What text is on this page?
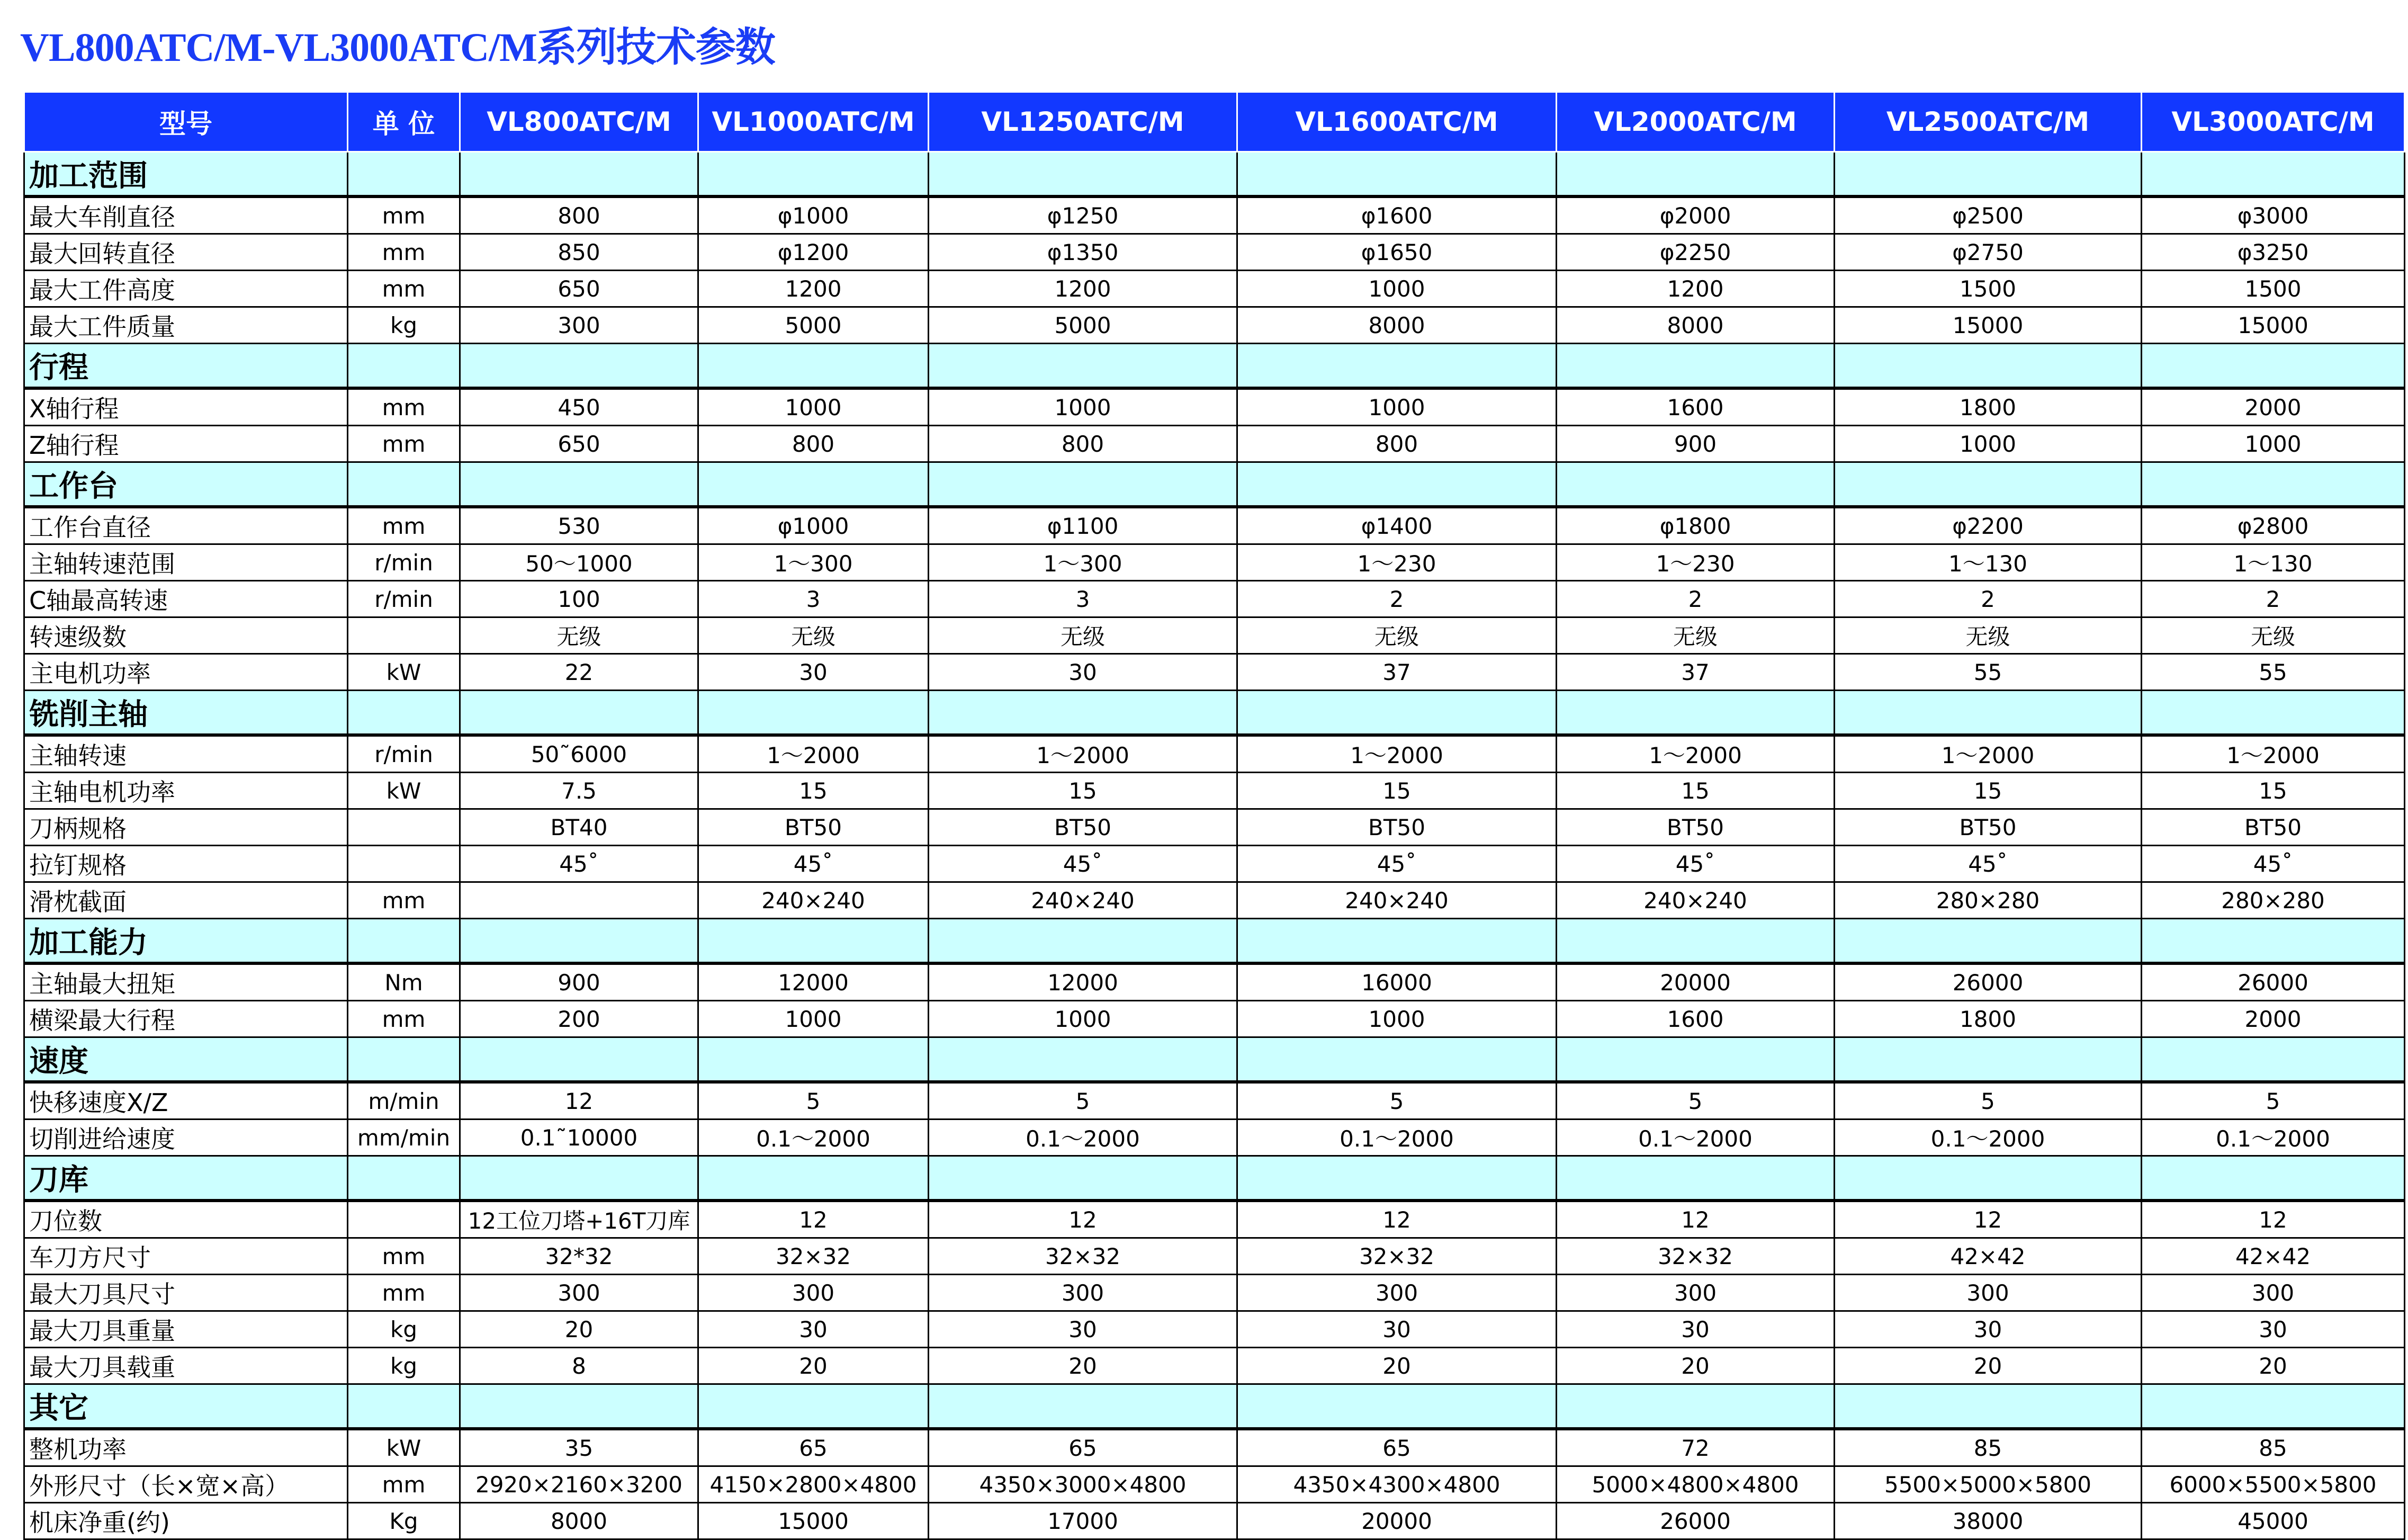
VL800ATC/M-VL3000ATC/M系列技术参数
型号	单 位	VL800ATC/M	VL1000ATC/M	VL1250ATC/M	VL1600ATC/M	VL2000ATC/M	VL2500ATC/M	VL3000ATC/M
加工范围								
最大车削直径	mm	800	φ1000	φ1250	φ1600	φ2000	φ2500	φ3000
最大回转直径	mm	850	φ1200	φ1350	φ1650	φ2250	φ2750	φ3250
最大工件高度	mm	650	1200	1200	1000	1200	1500	1500
最大工件质量	kg	300	5000	5000	8000	8000	15000	15000
行程								
X轴行程	mm	450	1000	1000	1000	1600	1800	2000
Z轴行程	mm	650	800	800	800	900	1000	1000
工作台								
工作台直径	mm	530	φ1000	φ1100	φ1400	φ1800	φ2200	φ2800
主轴转速范围	r/min	50～1000	1～300	1～300	1～230	1～230	1～130	1～130
C轴最高转速	r/min	100	3	3	2	2	2	2
转速级数		无级	无级	无级	无级	无级	无级	无级
主电机功率	kW	22	30	30	37	37	55	55
铣削主轴								
主轴转速	r/min	50˜6000	1～2000	1～2000	1～2000	1～2000	1～2000	1～2000
主轴电机功率	kW	7.5	15	15	15	15	15	15
刀柄规格		BT40	BT50	BT50	BT50	BT50	BT50	BT50
拉钉规格		45˚	45˚	45˚	45˚	45˚	45˚	45˚
滑枕截面	mm		240×240	240×240	240×240	240×240	280×280	280×280
加工能力								
主轴最大扭矩	Nm	900	12000	12000	16000	20000	26000	26000
横梁最大行程	mm	200	1000	1000	1000	1600	1800	2000
速度								
快移速度X/Z	m/min	12	5	5	5	5	5	5
切削进给速度	mm/min	0.1˜10000	0.1～2000	0.1～2000	0.1～2000	0.1～2000	0.1～2000	0.1～2000
刀库								
刀位数		12工位刀塔+16T刀库	12	12	12	12	12	12
车刀方尺寸	mm	32*32	32×32	32×32	32×32	32×32	42×42	42×42
最大刀具尺寸	mm	300	300	300	300	300	300	300
最大刀具重量	kg	20	30	30	30	30	30	30
最大刀具载重	kg	8	20	20	20	20	20	20
其它								
整机功率	kW	35	65	65	65	72	85	85
外形尺寸（长×宽×高）	mm	2920×2160×3200	4150×2800×4800	4350×3000×4800	4350×4300×4800	5000×4800×4800	5500×5000×5800	6000×5500×5800
机床净重(约)	Kg	8000	15000	17000	20000	26000	38000	45000
